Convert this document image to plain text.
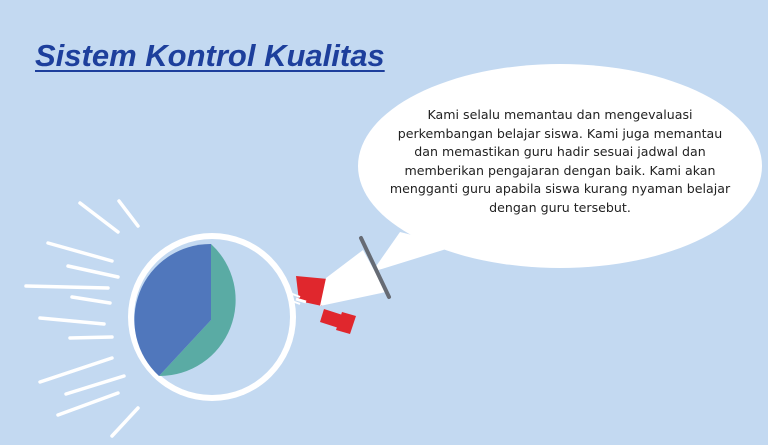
Sistem Kontrol Kualitas

Kami selalu memantau dan mengevaluasi perkembangan belajar siswa. Kami juga memantau dan memastikan guru hadir sesuai jadwal dan memberikan pengajaran dengan baik. Kami akan mengganti guru apabila siswa kurang nyaman belajar dengan guru tersebut.
